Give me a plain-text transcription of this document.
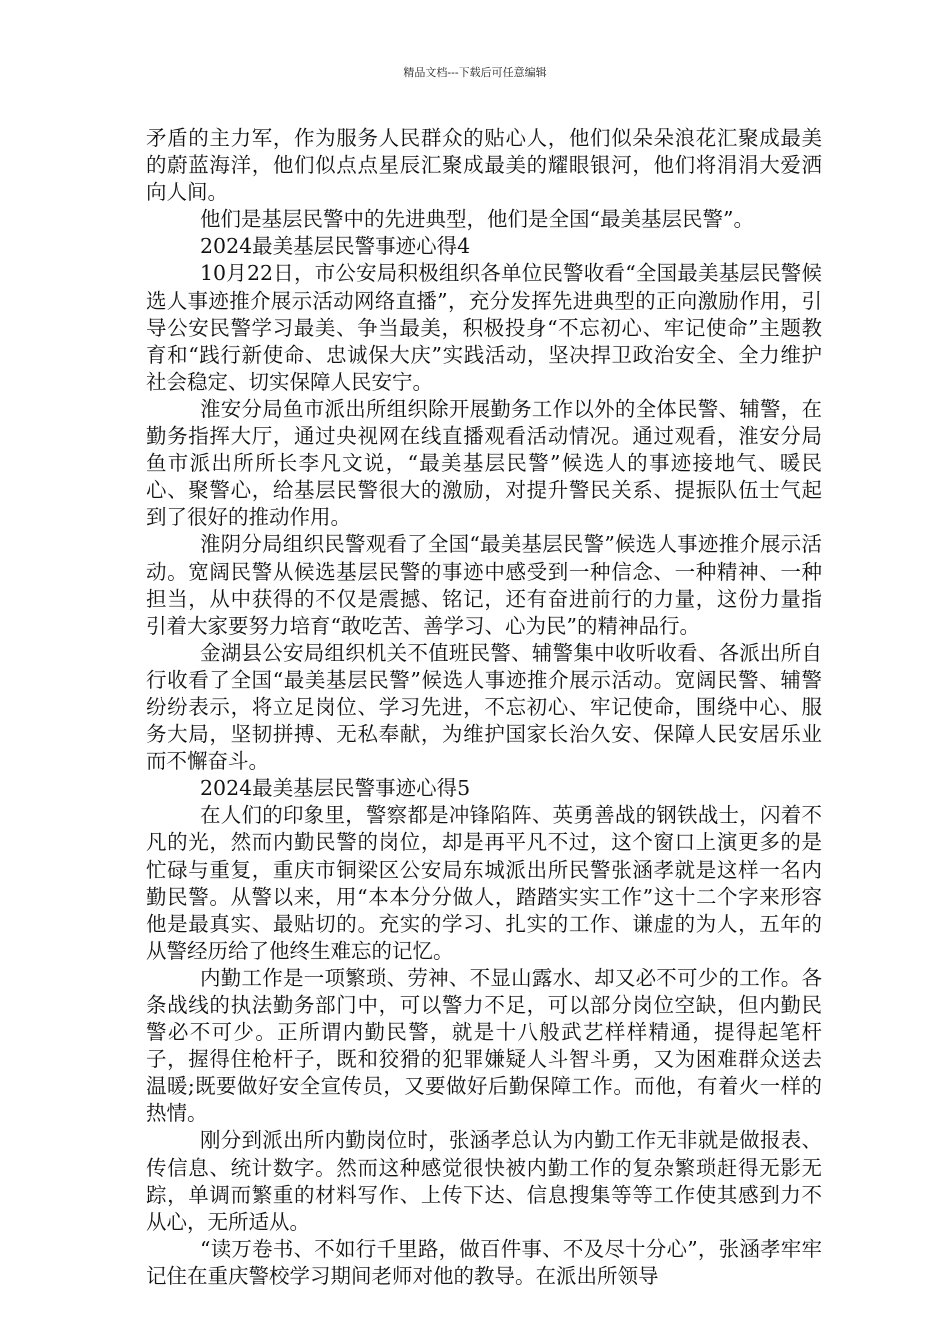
精品文档---下载后可任意编辑

矛盾的主力军，作为服务人民群众的贴心人，他们似朵朵浪花汇聚成最美的蔚蓝海洋，他们似点点星辰汇聚成最美的耀眼银河，他们将涓涓大爱洒向人间。

他们是基层民警中的先进典型，他们是全国“最美基层民警”。

2024最美基层民警事迹心得4

10月22日，市公安局积极组织各单位民警收看“全国最美基层民警候选人事迹推介展示活动网络直播”，充分发挥先进典型的正向激励作用，引导公安民警学习最美、争当最美，积极投身“不忘初心、牢记使命”主题教育和“践行新使命、忠诚保大庆”实践活动，坚决捍卫政治安全、全力维护社会稳定、切实保障人民安宁。

淮安分局鱼市派出所组织除开展勤务工作以外的全体民警、辅警，在勤务指挥大厅，通过央视网在线直播观看活动情况。通过观看，淮安分局鱼市派出所所长李凡文说，“最美基层民警”候选人的事迹接地气、暖民心、聚警心，给基层民警很大的激励，对提升警民关系、提振队伍士气起到了很好的推动作用。

淮阴分局组织民警观看了全国“最美基层民警”候选人事迹推介展示活动。宽阔民警从候选基层民警的事迹中感受到一种信念、一种精神、一种担当，从中获得的不仅是震撼、铭记，还有奋进前行的力量，这份力量指引着大家要努力培育“敢吃苦、善学习、心为民”的精神品行。

金湖县公安局组织机关不值班民警、辅警集中收听收看、各派出所自行收看了全国“最美基层民警”候选人事迹推介展示活动。宽阔民警、辅警纷纷表示，将立足岗位、学习先进，不忘初心、牢记使命，围绕中心、服务大局，坚韧拼搏、无私奉献，为维护国家长治久安、保障人民安居乐业而不懈奋斗。

2024最美基层民警事迹心得5

在人们的印象里，警察都是冲锋陷阵、英勇善战的钢铁战士，闪着不凡的光，然而内勤民警的岗位，却是再平凡不过，这个窗口上演更多的是忙碌与重复，重庆市铜梁区公安局东城派出所民警张涵孝就是这样一名内勤民警。从警以来，用“本本分分做人，踏踏实实工作”这十二个字来形容他是最真实、最贴切的。充实的学习、扎实的工作、谦虚的为人，五年的从警经历给了他终生难忘的记忆。

内勤工作是一项繁琐、劳神、不显山露水、却又必不可少的工作。各条战线的执法勤务部门中，可以警力不足，可以部分岗位空缺，但内勤民警必不可少。正所谓内勤民警，就是十八般武艺样样精通，提得起笔杆子，握得住枪杆子，既和狡猾的犯罪嫌疑人斗智斗勇，又为困难群众送去温暖;既要做好安全宣传员，又要做好后勤保障工作。而他，有着火一样的热情。

刚分到派出所内勤岗位时，张涵孝总认为内勤工作无非就是做报表、传信息、统计数字。然而这种感觉很快被内勤工作的复杂繁琐赶得无影无踪，单调而繁重的材料写作、上传下达、信息搜集等等工作使其感到力不从心，无所适从。

“读万卷书、不如行千里路，做百件事、不及尽十分心”，张涵孝牢牢记住在重庆警校学习期间老师对他的教导。在派出所领导
